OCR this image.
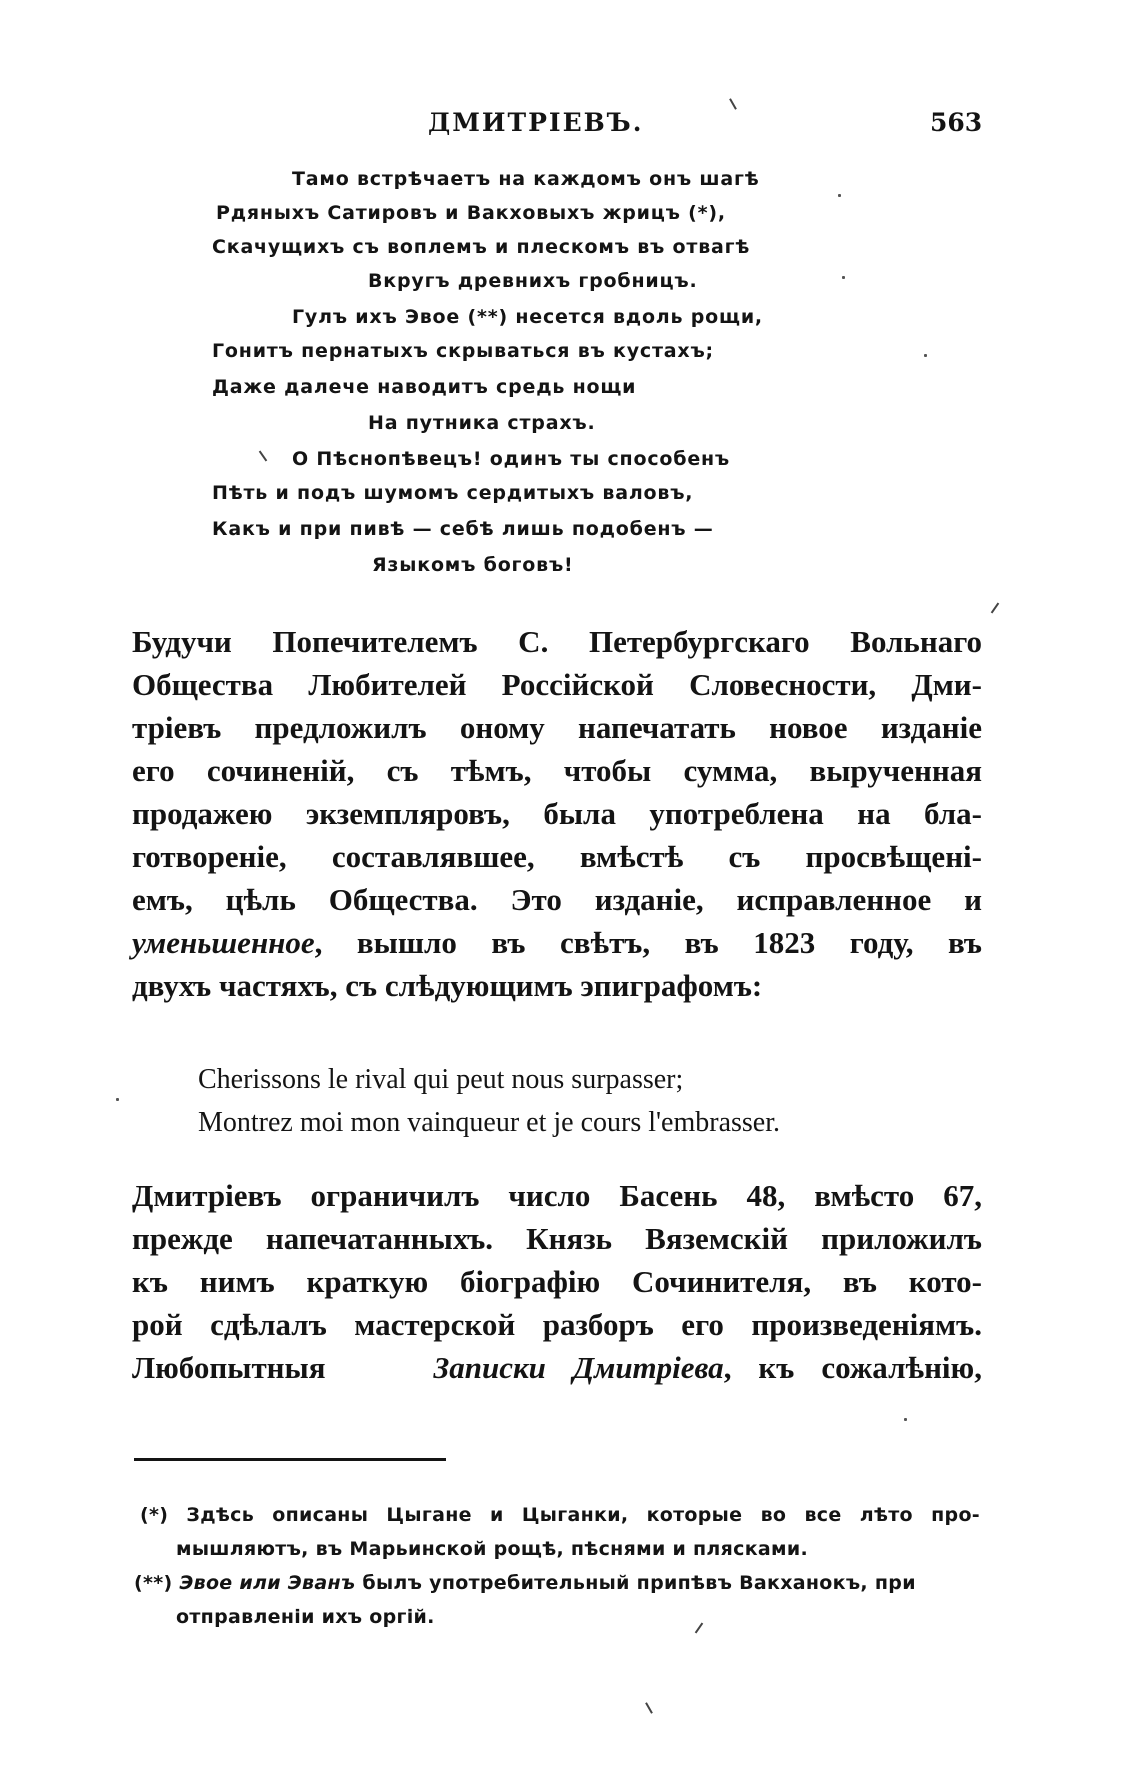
ДМИТРІЕВЪ.	563
Тамо встрѣчаетъ на каждомъ онъ шагѣ
Рдяныхъ Сатировъ и Вакховыхъ жрицъ (*),
Скачущихъ съ воплемъ и плескомъ въ отвагѣ
Вкругъ древнихъ гробницъ.
Гулъ ихъ Эвое (**) несется вдоль рощи,
Гонитъ пернатыхъ скрываться въ кустахъ;
Даже далече наводитъ средь нощи
На путника страхъ.
О Пѣснопѣвецъ! одинъ ты способенъ
Пѣть и подъ шумомъ сердитыхъ валовъ,
Какъ и при пивѣ — себѣ лишь подобенъ —
Языкомъ боговъ!
Будучи Попечителемъ С. Петербургскаго Вольнаго
Общества Любителей Россійской Словесности, Дми-
тріевъ предложилъ оному напечатать новое изданіе
его сочиненій, съ тѣмъ, чтобы сумма, вырученная
продажею экземпляровъ, была употреблена на бла-
готвореніе, составлявшее, вмѣстѣ съ просвѣщені-
емъ, цѣль Общества. Это изданіе, исправленное и
уменьшенное, вышло въ свѣтъ, въ 1823 году, въ
двухъ частяхъ, съ слѣдующимъ эпиграфомъ:
Cherissons le rival qui peut nous surpasser;
Montrez moi mon vainqueur et je cours l'embrasser.
Дмитріевъ ограничилъ число Басень 48, вмѣсто 67,
прежде напечатанныхъ. Князь Вяземскій приложилъ
къ нимъ краткую біографію Сочинителя, въ кото-
рой сдѣлалъ мастерской разборъ его произведеніямъ.
Любопытныя	Записки Дмитріева, къ сожалѣнію,
(*) Здѣсь описаны Цыгане и Цыганки, которые во все лѣто про-
мышляютъ, въ Марьинской рощѣ, пѣснями и плясками.
(**) Эвое или Эванъ былъ употребительный припѣвъ Вакханокъ, при
отправленіи ихъ оргій.
